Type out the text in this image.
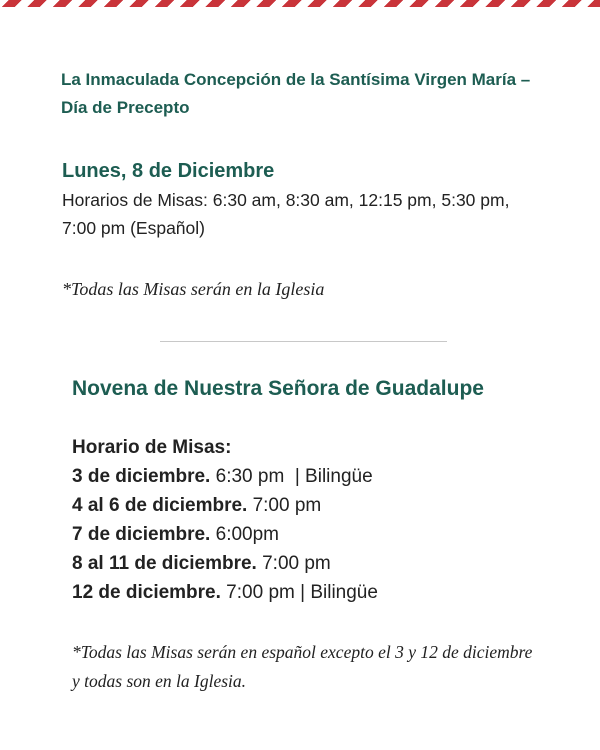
La Inmaculada Concepción de la Santísima Virgen María – Día de Precepto
Lunes, 8 de Diciembre
Horarios de Misas: 6:30 am, 8:30 am, 12:15 pm, 5:30 pm, 7:00 pm (Español)
*Todas las Misas serán en la Iglesia
Novena de Nuestra Señora de Guadalupe
Horario de Misas:
3 de diciembre. 6:30 pm  | Bilingüe
4 al 6 de diciembre. 7:00 pm
7 de diciembre. 6:00pm
8 al 11 de diciembre. 7:00 pm
12 de diciembre. 7:00 pm | Bilingüe
*Todas las Misas serán en español excepto el 3 y 12 de diciembre y todas son en la Iglesia.
